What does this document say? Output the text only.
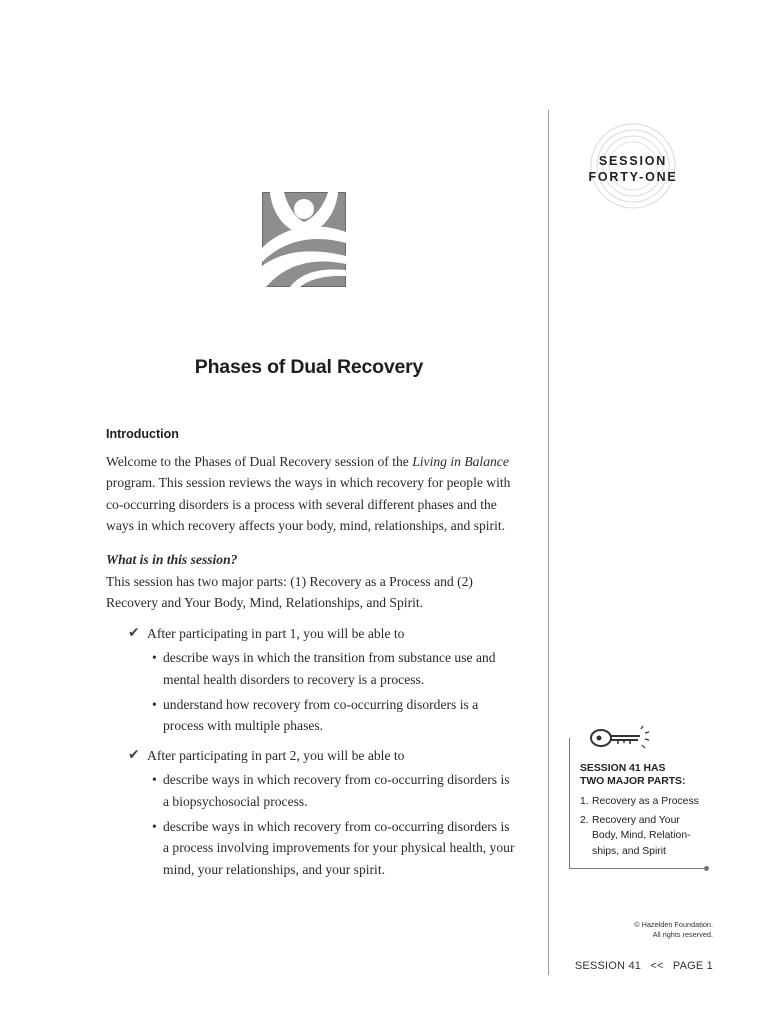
SESSION
FORTY-ONE
Phases of Dual Recovery
Introduction

Welcome to the Phases of Dual Recovery session of the Living in Balance program. This session reviews the ways in which recovery for people with co-occurring disorders is a process with several different phases and the ways in which recovery affects your body, mind, relationships, and spirit.

What is in this session?

This session has two major parts: (1) Recovery as a Process and (2) Recovery and Your Body, Mind, Relationships, and Spirit.

✔ After participating in part 1, you will be able to
• describe ways in which the transition from substance use and mental health disorders to recovery is a process.
• understand how recovery from co-occurring disorders is a process with multiple phases.
✔ After participating in part 2, you will be able to
• describe ways in which recovery from co-occurring disorders is a biopsychosocial process.
• describe ways in which recovery from co-occurring disorders is a process involving improvements for your physical health, your mind, your relationships, and your spirit.

SESSION 41 HAS
TWO MAJOR PARTS:

1. Recovery as a Process
2. Recovery and Your
Body, Mind, Relation-
ships, and Spirit
© Hazelden Foundation.
All rights reserved.
SESSION 41 << PAGE 1
